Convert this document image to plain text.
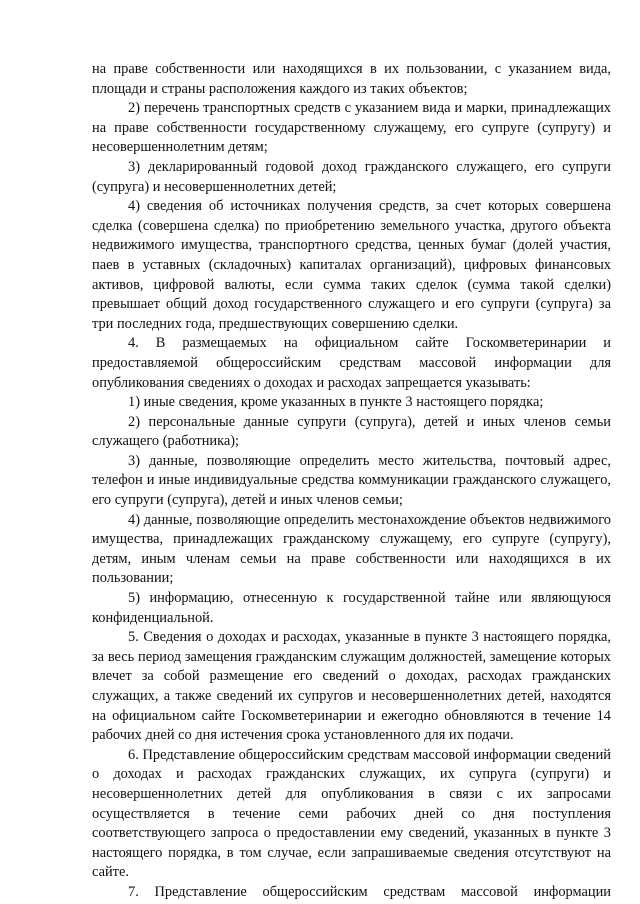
на праве собственности или находящихся в их пользовании, с указанием вида, площади и страны расположения каждого из таких объектов;

2) перечень транспортных средств с указанием вида и марки, принадлежащих на праве собственности государственному служащему, его супруге (супругу) и несовершеннолетним детям;

3) декларированный годовой доход гражданского служащего, его супруги (супруга) и несовершеннолетних детей;

4) сведения об источниках получения средств, за счет которых совершена сделка (совершена сделка) по приобретению земельного участка, другого объекта недвижимого имущества, транспортного средства, ценных бумаг (долей участия, паев в уставных (складочных) капиталах организаций), цифровых финансовых активов, цифровой валюты, если сумма таких сделок (сумма такой сделки) превышает общий доход государственного служащего и его супруги (супруга) за три последних года, предшествующих совершению сделки.

4. В размещаемых на официальном сайте Госкомветеринарии и предоставляемой общероссийским средствам массовой информации для опубликования сведениях о доходах и расходах запрещается указывать:

1) иные сведения, кроме указанных в пункте 3 настоящего порядка;

2) персональные данные супруги (супруга), детей и иных членов семьи служащего (работника);

3) данные, позволяющие определить место жительства, почтовый адрес, телефон и иные индивидуальные средства коммуникации гражданского служащего, его супруги (супруга), детей и иных членов семьи;

4) данные, позволяющие определить местонахождение объектов недвижимого имущества, принадлежащих гражданскому служащему, его супруге (супругу), детям, иным членам семьи на праве собственности или находящихся в их пользовании;

5) информацию, отнесенную к государственной тайне или являющуюся конфиденциальной.

5. Сведения о доходах и расходах, указанные в пункте 3 настоящего порядка, за весь период замещения гражданским служащим должностей, замещение которых влечет за собой размещение его сведений о доходах, расходах гражданских служащих, а также сведений их супругов и несовершеннолетних детей, находятся на официальном сайте Госкомветеринарии и ежегодно обновляются в течение 14 рабочих дней со дня истечения срока установленного для их подачи.

6. Представление общероссийским средствам массовой информации сведений о доходах и расходах гражданских служащих, их супруга (супруги) и несовершеннолетних детей для опубликования в связи с их запросами осуществляется в течение семи рабочих дней со дня поступления соответствующего запроса о предоставлении ему сведений, указанных в пункте 3 настоящего порядка, в том случае, если запрашиваемые сведения отсутствуют на сайте.

7. Представление общероссийским средствам массовой информации
